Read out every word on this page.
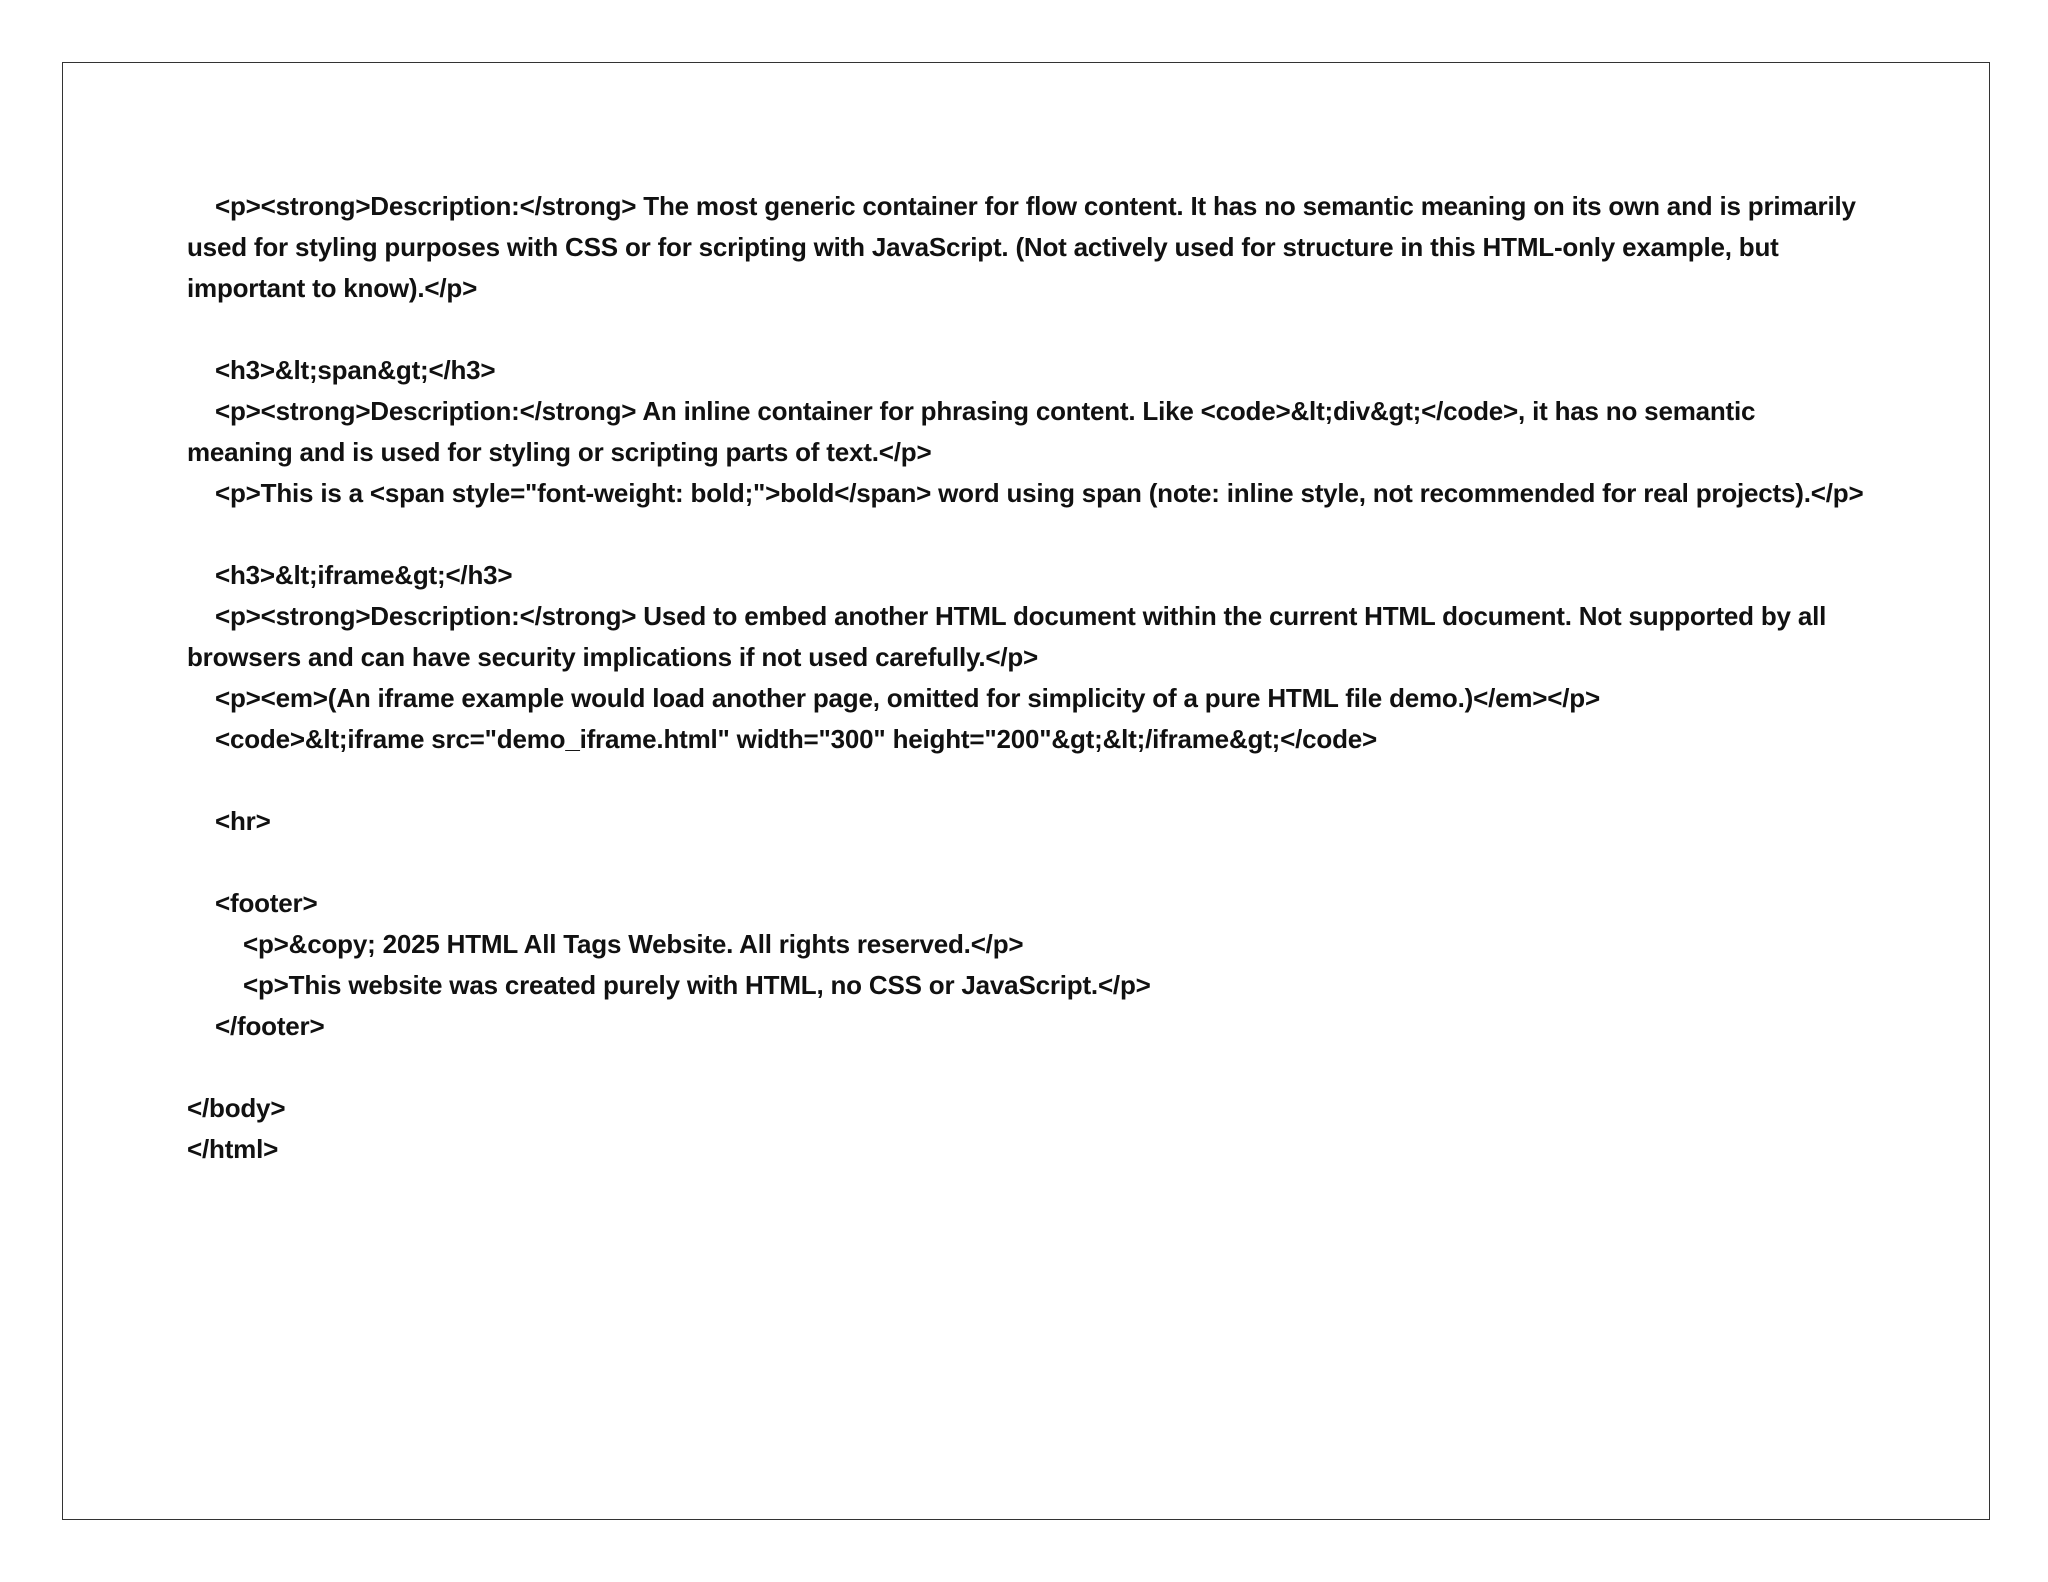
<p><strong>Description:</strong> The most generic container for flow content. It has no semantic meaning on its own and is primarily used for styling purposes with CSS or for scripting with JavaScript. (Not actively used for structure in this HTML-only example, but important to know).</p>

<h3>&lt;span&gt;</h3>

<p><strong>Description:</strong> An inline container for phrasing content. Like <code>&lt;div&gt;</code>, it has no semantic meaning and is used for styling or scripting parts of text.</p>

<p>This is a <span style="font-weight: bold;">bold</span> word using span (note: inline style, not recommended for real projects).</p>

<h3>&lt;iframe&gt;</h3>

<p><strong>Description:</strong> Used to embed another HTML document within the current HTML document. Not supported by all browsers and can have security implications if not used carefully.</p>

<p><em>(An iframe example would load another page, omitted for simplicity of a pure HTML file demo.)</em></p>
<code>&lt;iframe src="demo_iframe.html" width="300" height="200"&gt;&lt;/iframe&gt;</code>
<hr>
<footer>
<p>&copy; 2025 HTML All Tags Website. All rights reserved.</p>
<p>This website was created purely with HTML, no CSS or JavaScript.</p>
</footer>
</body>
</html>
